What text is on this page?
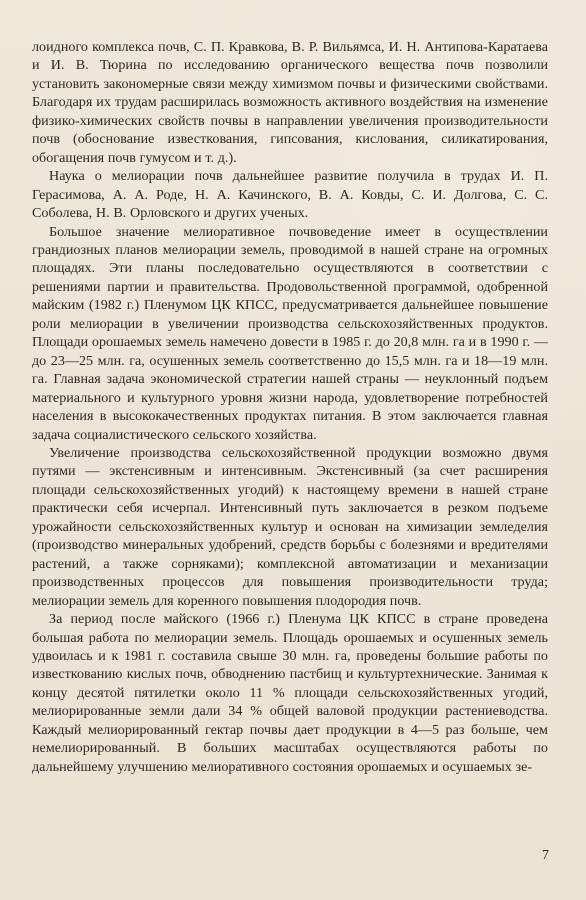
лоидного комплекса почв, С. П. Кравкова, В. Р. Вильямса, И. Н. Антипова-Каратаева и И. В. Тюрина по исследованию органического вещества почв позволили установить закономерные связи между химизмом почвы и физическими свойствами. Благодаря их трудам расширилась возможность активного воздействия на изменение физико-химических свойств почвы в направлении увеличения производительности почв (обоснование известкования, гипсования, кислования, силикатирования, обогащения почв гумусом и т. д.).

Наука о мелиорации почв дальнейшее развитие получила в трудах И. П. Герасимова, А. А. Роде, Н. А. Качинского, В. А. Ковды, С. И. Долгова, С. С. Соболева, Н. В. Орловского и других ученых.

Большое значение мелиоративное почвоведение имеет в осуществлении грандиозных планов мелиорации земель, проводимой в нашей стране на огромных площадях. Эти планы последовательно осуществляются в соответствии с решениями партии и правительства. Продовольственной программой, одобренной майским (1982 г.) Пленумом ЦК КПСС, предусматривается дальнейшее повышение роли мелиорации в увеличении производства сельскохозяйственных продуктов. Площади орошаемых земель намечено довести в 1985 г. до 20,8 млн. га и в 1990 г. — до 23—25 млн. га, осушенных земель соответственно до 15,5 млн. га и 18—19 млн. га. Главная задача экономической стратегии нашей страны — неуклонный подъем материального и культурного уровня жизни народа, удовлетворение потребностей населения в высококачественных продуктах питания. В этом заключается главная задача социалистического сельского хозяйства.

Увеличение производства сельскохозяйственной продукции возможно двумя путями — экстенсивным и интенсивным. Экстенсивный (за счет расширения площади сельскохозяйственных угодий) к настоящему времени в нашей стране практически себя исчерпал. Интенсивный путь заключается в резком подъеме урожайности сельскохозяйственных культур и основан на химизации земледелия (производство минеральных удобрений, средств борьбы с болезнями и вредителями растений, а также сорняками); комплексной автоматизации и механизации производственных процессов для повышения производительности труда; мелиорации земель для коренного повышения плодородия почв.

За период после майского (1966 г.) Пленума ЦК КПСС в стране проведена большая работа по мелиорации земель. Площадь орошаемых и осушенных земель удвоилась и к 1981 г. составила свыше 30 млн. га, проведены большие работы по известкованию кислых почв, обводнению пастбищ и культуртехнические. Занимая к концу десятой пятилетки около 11 % площади сельскохозяйственных угодий, мелиорированные земли дали 34 % общей валовой продукции растениеводства. Каждый мелиорированный гектар почвы дает продукции в 4—5 раз больше, чем немелиорированный. В больших масштабах осуществляются работы по дальнейшему улучшению мелиоративного состояния орошаемых и осушаемых зе-

7
